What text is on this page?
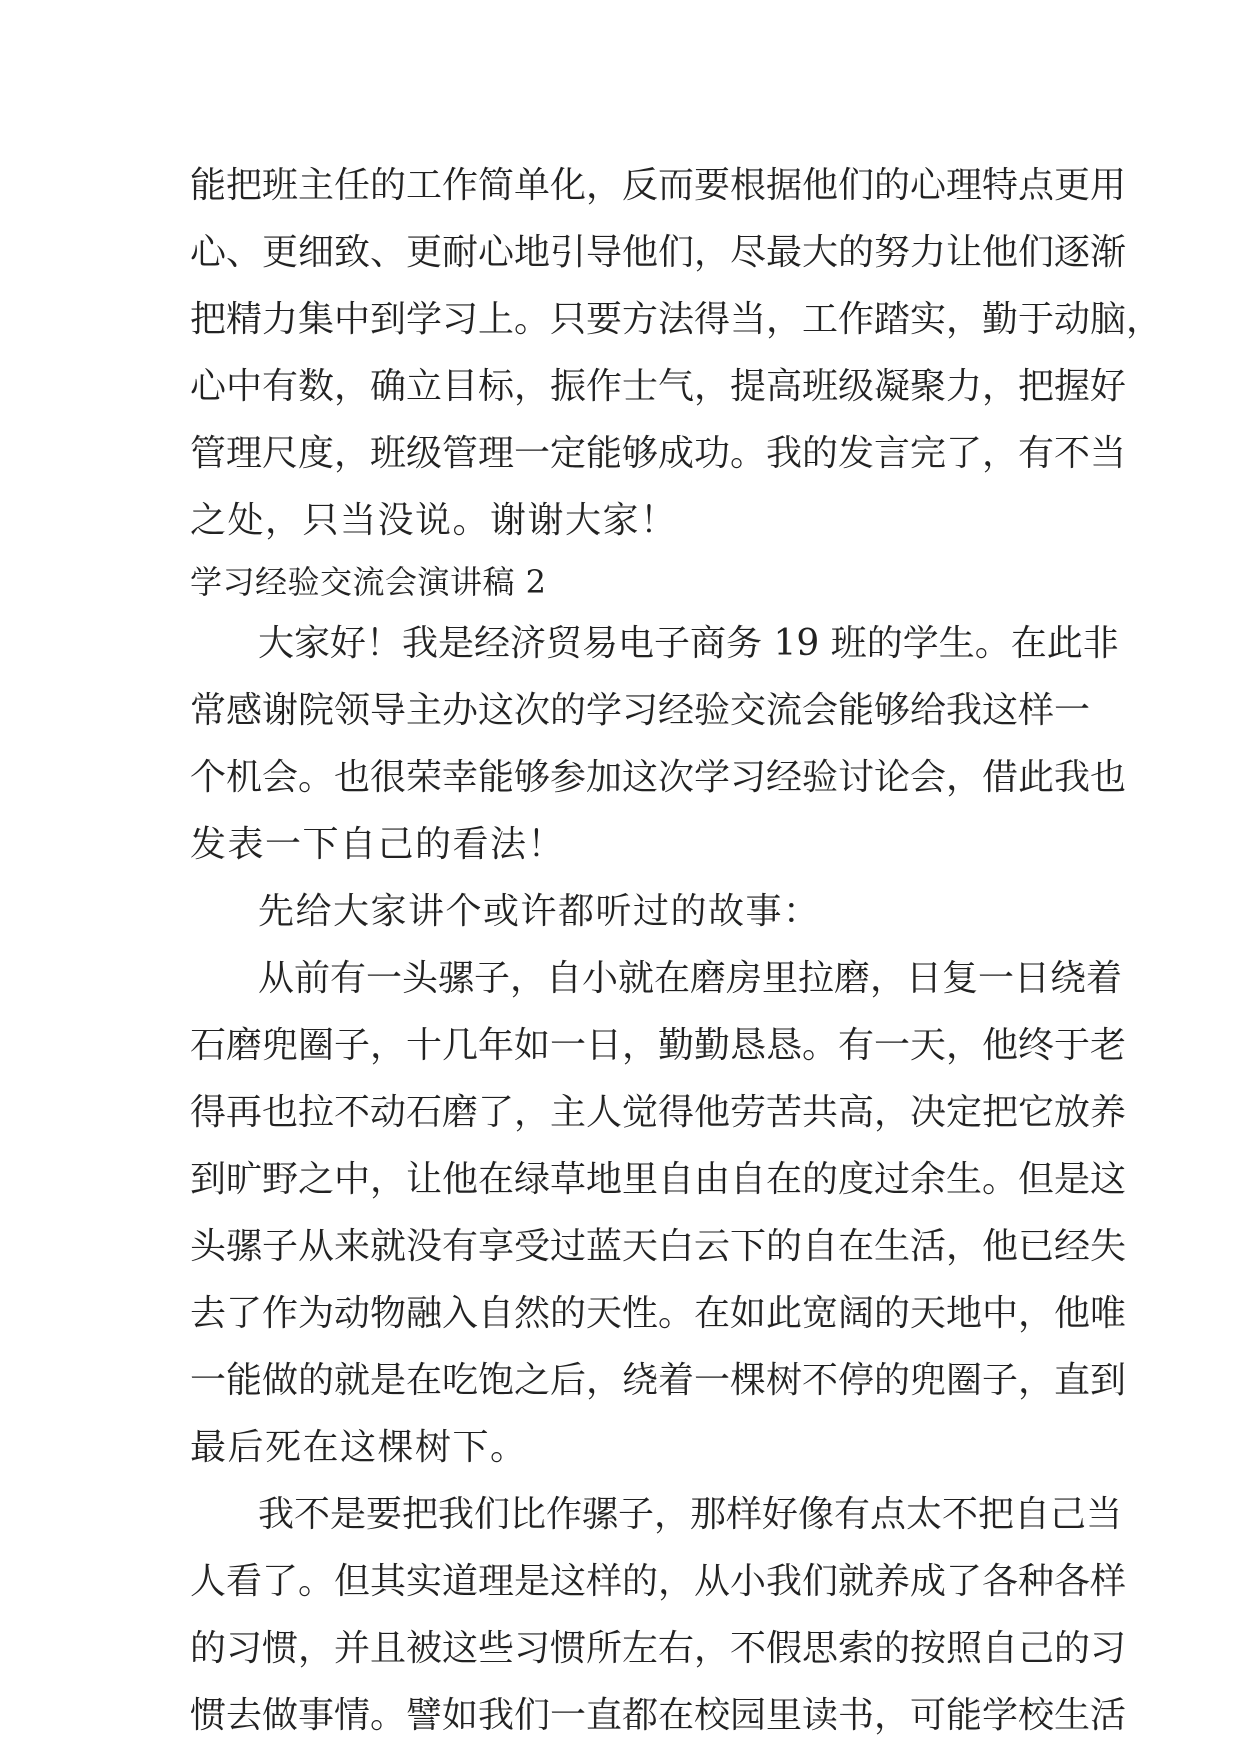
能把班主任的工作简单化，反而要根据他们的心理特点更用
心、更细致、更耐心地引导他们，尽最大的努力让他们逐渐
把精力集中到学习上。只要方法得当，工作踏实，勤于动脑，
心中有数，确立目标，振作士气，提高班级凝聚力，把握好
管理尺度，班级管理一定能够成功。我的发言完了，有不当
之处，只当没说。谢谢大家！
学习经验交流会演讲稿 2
大家好！我是经济贸易电子商务 19 班的学生。在此非
常感谢院领导主办这次的学习经验交流会能够给我这样一
个机会。也很荣幸能够参加这次学习经验讨论会，借此我也
发表一下自己的看法！
先给大家讲个或许都听过的故事：
从前有一头骡子，自小就在磨房里拉磨，日复一日绕着
石磨兜圈子，十几年如一日，勤勤恳恳。有一天，他终于老
得再也拉不动石磨了，主人觉得他劳苦共高，决定把它放养
到旷野之中，让他在绿草地里自由自在的度过余生。但是这
头骡子从来就没有享受过蓝天白云下的自在生活，他已经失
去了作为动物融入自然的天性。在如此宽阔的天地中，他唯
一能做的就是在吃饱之后，绕着一棵树不停的兜圈子，直到
最后死在这棵树下。
我不是要把我们比作骡子，那样好像有点太不把自己当
人看了。但其实道理是这样的，从小我们就养成了各种各样
的习惯，并且被这些习惯所左右，不假思索的按照自己的习
惯去做事情。譬如我们一直都在校园里读书，可能学校生活
